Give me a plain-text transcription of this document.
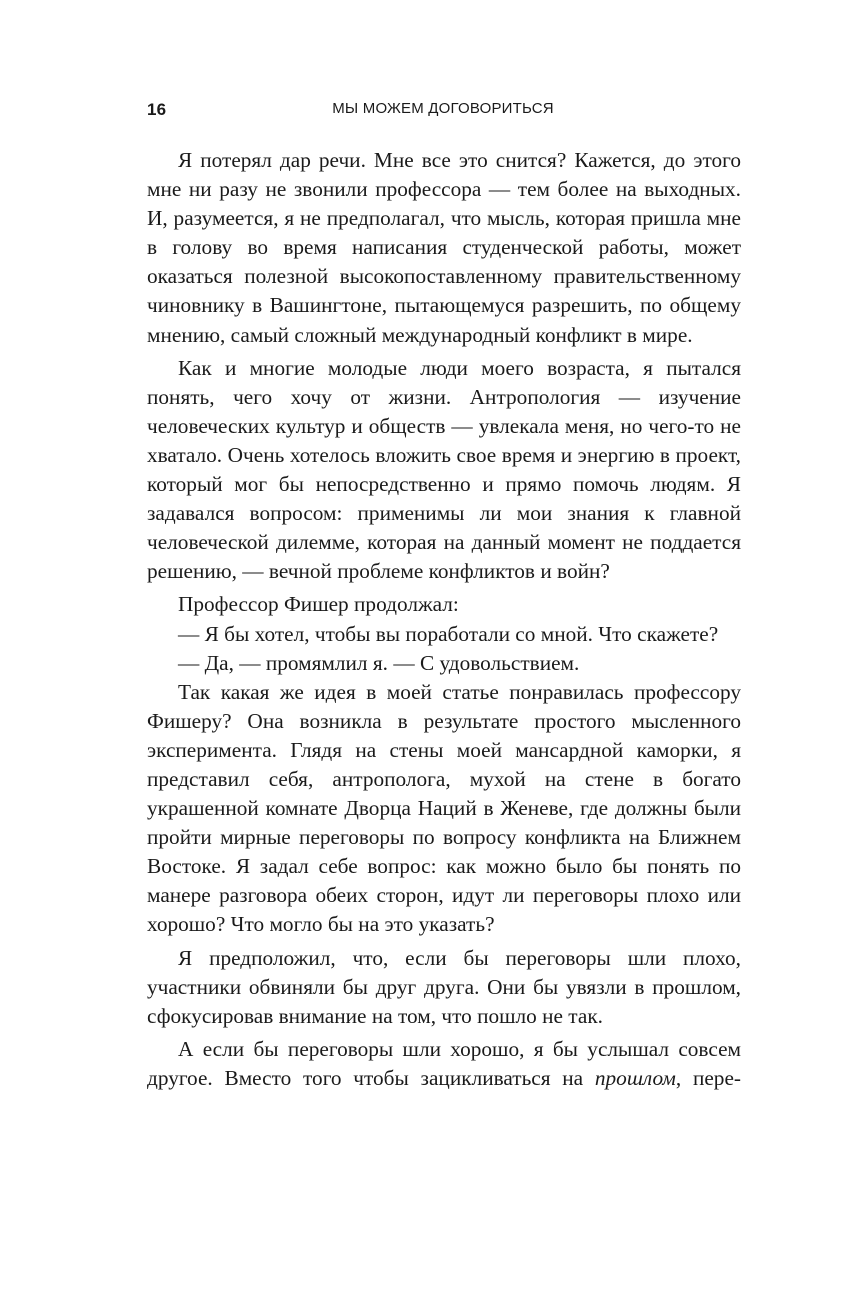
16	МЫ МОЖЕМ ДОГОВОРИТЬСЯ

Я потерял дар речи. Мне все это снится? Кажется, до этого мне ни разу не звонили профессора — тем более на выходных. И, разумеется, я не предполагал, что мысль, которая пришла мне в голову во время написания студенческой работы, может оказаться полезной высокопоставленному правительственному чиновнику в Вашингтоне, пытающемуся разрешить, по общему мнению, самый сложный международный конфликт в мире.

Как и многие молодые люди моего возраста, я пытался понять, чего хочу от жизни. Антропология — изучение человеческих культур и обществ — увлекала меня, но чего-то не хватало. Очень хотелось вложить свое время и энергию в проект, который мог бы непосредственно и прямо помочь людям. Я задавался вопросом: применимы ли мои знания к главной человеческой дилемме, которая на данный момент не поддается решению, — вечной проблеме конфликтов и войн?

Профессор Фишер продолжал:

— Я бы хотел, чтобы вы поработали со мной. Что скажете?

— Да, — промямлил я. — С удовольствием.

Так какая же идея в моей статье понравилась профессору Фишеру? Она возникла в результате простого мысленного эксперимента. Глядя на стены моей мансардной каморки, я представил себя, антрополога, мухой на стене в богато украшенной комнате Дворца Наций в Женеве, где должны были пройти мирные переговоры по вопросу конфликта на Ближнем Востоке. Я задал себе вопрос: как можно было бы понять по манере разговора обеих сторон, идут ли переговоры плохо или хорошо? Что могло бы на это указать?

Я предположил, что, если бы переговоры шли плохо, участники обвиняли бы друг друга. Они бы увязли в прошлом, сфокусировав внимание на том, что пошло не так.

А если бы переговоры шли хорошо, я бы услышал совсем другое. Вместо того чтобы зацикливаться на прошлом, пере-
